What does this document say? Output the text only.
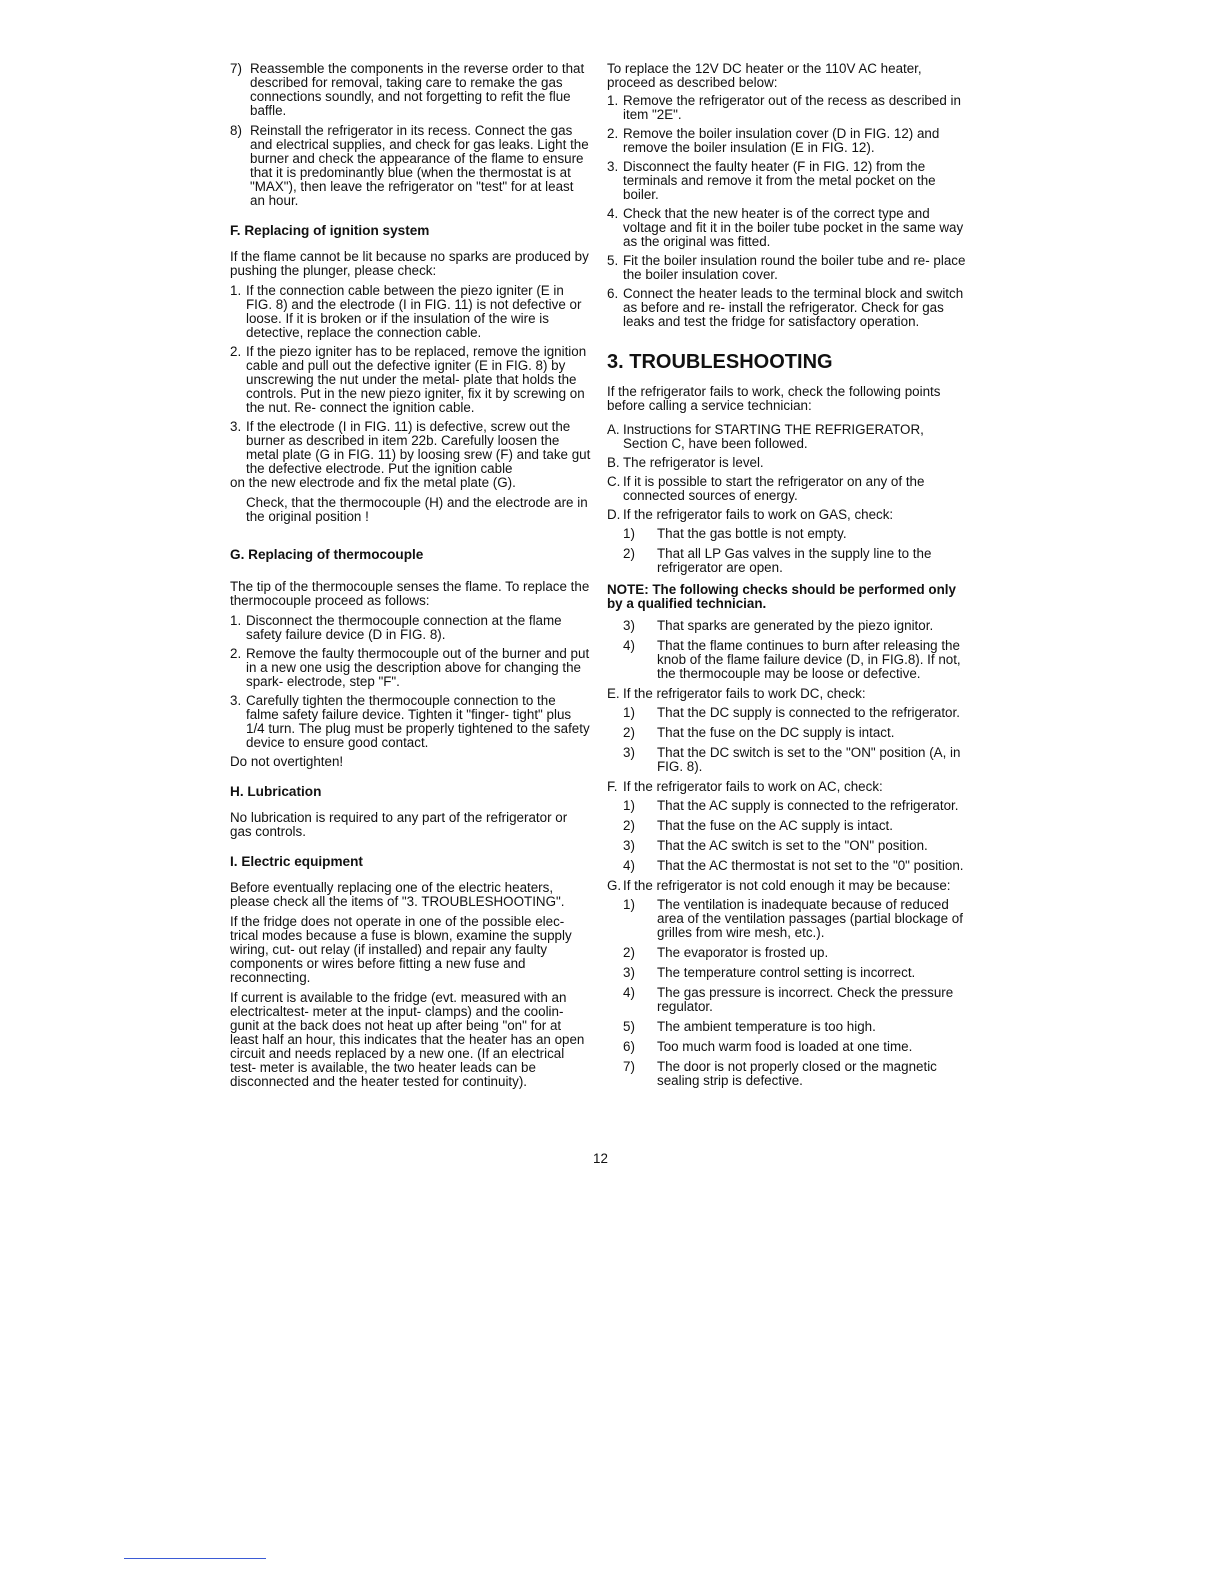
7) Reassemble the components in the reverse order to that described for removal, taking care to remake the gas connections soundly, and not forgetting to refit the flue baffle.
8) Reinstall the refrigerator in its recess. Connect the gas and electrical supplies, and check for gas leaks. Light the burner and check the appearance of the flame to ensure that it is predominantly blue (when the thermostat is at "MAX"), then leave the refrigerator on "test" for at least an hour.
F. Replacing of ignition system

If the flame cannot be lit because no sparks are produced by pushing the plunger, please check:

1. If the connection cable between the piezo igniter (E in FIG. 8) and the electrode (I in FIG. 11) is not defective or loose. If it is broken or if the insulation of the wire is detective, replace the connection cable.
2. If the piezo igniter has to be replaced, remove the ignition cable and pull out the defective igniter (E in FIG. 8) by unscrewing the nut under the metal- plate that holds the controls. Put in the new piezo igniter, fix it by screwing on the nut. Re- connect the ignition cable.
3. If the electrode (I in FIG. 11) is defective, screw out the burner as described in item 22b. Carefully loosen the metal plate (G in FIG. 11) by loosing srew (F) and take gut the defective electrode. Put the ignition cable

on the new electrode and fix the metal plate (G).

Check, that the thermocouple (H) and the electrode are in the original position !

G. Replacing of thermocouple

The tip of the thermocouple senses the flame. To replace the thermocouple proceed as follows:

1. Disconnect the thermocouple connection at the flame safety failure device (D in FIG. 8).
2. Remove the faulty thermocouple out of the burner and put in a new one usig the description above for changing the spark- electrode, step "F".
3. Carefully tighten the thermocouple connection to the falme safety failure device. Tighten it "finger- tight" plus 1/4 turn. The plug must be properly tightened to the safety device to ensure good contact.

Do not overtighten!

H. Lubrication

No lubrication is required to any part of the refrigerator or gas controls.

I. Electric equipment

Before eventually replacing one of the electric heaters, please check all the items of "3. TROUBLESHOOTING".

If the fridge does not operate in one of the possible elec- trical modes because a fuse is blown, examine the supply wiring, cut- out relay (if installed) and repair any faulty components or wires before fitting a new fuse and reconnecting.

If current is available to the fridge (evt. measured with an electricaltest- meter at the input- clamps) and the coolin- gunit at the back does not heat up after being "on" for at least half an hour, this indicates that the heater has an open circuit and needs replaced by a new one. (If an electrical test- meter is available, the two heater leads can be disconnected and the heater tested for continuity).

To replace the 12V DC heater or the 110V AC heater, proceed as described below:

1. Remove the refrigerator out of the recess as described in item "2E".
2. Remove the boiler insulation cover (D in FIG. 12) and remove the boiler insulation (E in FIG. 12).
3. Disconnect the faulty heater (F in FIG. 12) from the terminals and remove it from the metal pocket on the boiler.
4. Check that the new heater is of the correct type and voltage and fit it in the boiler tube pocket in the same way as the original was fitted.
5. Fit the boiler insulation round the boiler tube and re- place the boiler insulation cover.
6. Connect the heater leads to the terminal block and switch as before and re- install the refrigerator. Check for gas leaks and test the fridge for satisfactory operation.
3. TROUBLESHOOTING

If the refrigerator fails to work, check the following points before calling a service technician:

A. Instructions for STARTING THE REFRIGERATOR, Section C, have been followed.
B. The refrigerator is level.
C. If it is possible to start the refrigerator on any of the connected sources of energy.
D. If the refrigerator fails to work on GAS, check:
1) That the gas bottle is not empty.
2) That all LP Gas valves in the supply line to the refrigerator are open.

NOTE: The following checks should be performed only by a qualified technician.

3) That sparks are generated by the piezo ignitor.
4) That the flame continues to burn after releasing the knob of the flame failure device (D, in FIG.8). If not, the thermocouple may be loose or defective.
E. If the refrigerator fails to work DC, check:
1) That the DC supply is connected to the refrigerator.
2) That the fuse on the DC supply is intact.
3) That the DC switch is set to the "ON" position (A, in FIG. 8).
F. If the refrigerator fails to work on AC, check:
1) That the AC supply is connected to the refrigerator.
2) That the fuse on the AC supply is intact.
3) That the AC switch is set to the "ON" position.
4) That the AC thermostat is not set to the "0" position.
G. If the refrigerator is not cold enough it may be because:
1) The ventilation is inadequate because of reduced area of the ventilation passages (partial blockage of grilles from wire mesh, etc.).
2) The evaporator is frosted up.
3) The temperature control setting is incorrect.
4) The gas pressure is incorrect. Check the pressure regulator.
5) The ambient temperature is too high.
6) Too much warm food is loaded at one time.
7) The door is not properly closed or the magnetic sealing strip is defective.
12
